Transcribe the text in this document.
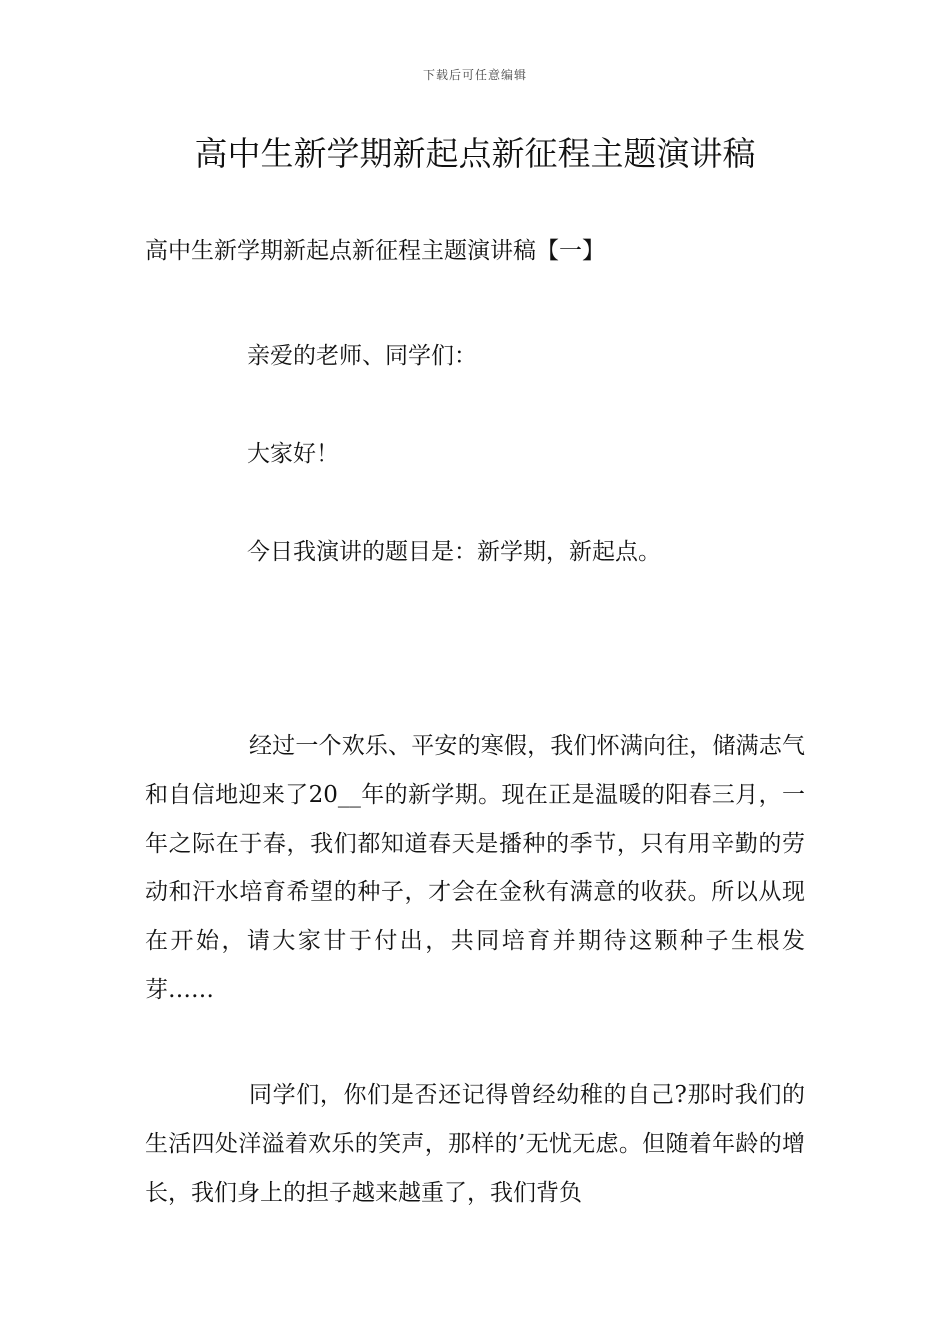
下载后可任意编辑
高中生新学期新起点新征程主题演讲稿
高中生新学期新起点新征程主题演讲稿【一】

亲爱的老师、同学们：

大家好！

今日我演讲的题目是：新学期，新起点。

经过一个欢乐、平安的寒假，我们怀满向往，储满志气和自信地迎来了20__年的新学期。现在正是温暖的阳春三月，一年之际在于春，我们都知道春天是播种的季节，只有用辛勤的劳动和汗水培育希望的种子，才会在金秋有满意的收获。所以从现在开始，请大家甘于付出，共同培育并期待这颗种子生根发芽……

同学们，你们是否还记得曾经幼稚的自己?那时我们的生活四处洋溢着欢乐的笑声，那样的’无忧无虑。但随着年龄的增长，我们身上的担子越来越重了，我们背负
